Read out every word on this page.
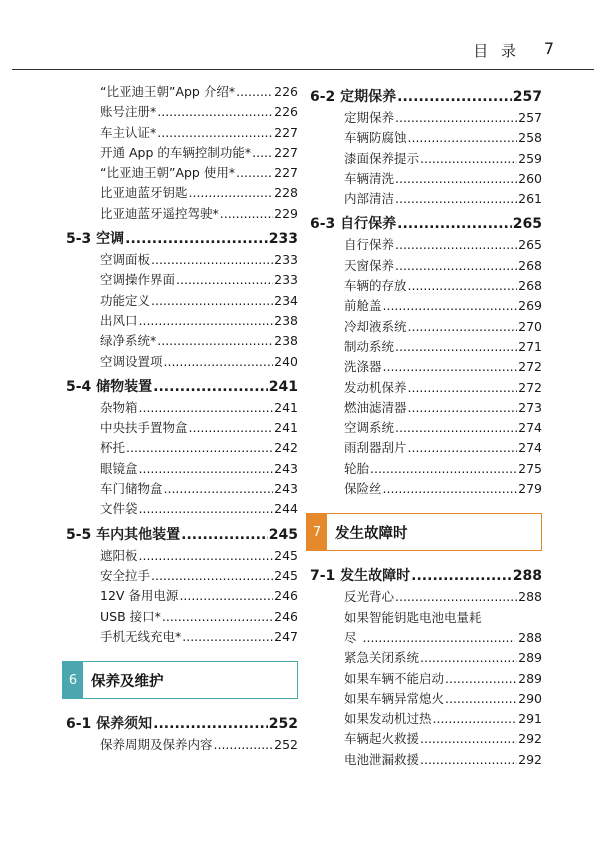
目 录 7
“比亚迪王朝”App 介绍* .....	226
账号注册* .....	226
车主认证* .....	227
开通 App 的车辆控制功能* ..... 227
“比亚迪王朝”App 使用* .....	227
比亚迪蓝牙钥匙 .....	228
比亚迪蓝牙遥控驾驶* .....	229
5-3 空调 .....	233
空调面板 .....	233
空调操作界面 .....	233
功能定义 .....	234
出风口 .....	238
绿净系统* .....	238
空调设置项 .....	240
5-4 储物装置 .....	241
杂物箱 .....	241
中央扶手置物盒 .....	241
杯托 .....	242
眼镜盒 .....	243
车门储物盒 .....	243
文件袋 .....	244
5-5 车内其他装置 .....	245
遮阳板 .....	245
安全拉手 .....	245
12V 备用电源 .....	246
USB 接口* .....	246
手机无线充电* .....	247
6 保养及维护
6-1 保养须知 .....	252
保养周期及保养内容 .....	252
6-2 定期保养 .....	257
定期保养 .....	257
车辆防腐蚀 .....	258
漆面保养提示 .....	259
车辆清洗 .....	260
内部清洁 .....	261
6-3 自行保养 .....	265
自行保养 .....	265
天窗保养 .....	268
车辆的存放 .....	268
前舱盖 .....	269
冷却液系统 .....	270
制动系统 .....	271
洗涤器 .....	272
发动机保养 .....	272
燃油滤清器 .....	273
空调系统 .....	274
雨刮器刮片 .....	274
轮胎 .....	275
保险丝 .....	279
7 发生故障时
7-1 发生故障时 .....	288
反光背心 .....	288
如果智能钥匙电池电量耗
尽 .....	288
紧急关闭系统 .....	289
如果车辆不能启动 .....	289
如果车辆异常熄火 .....	290
如果发动机过热 .....	291
车辆起火救援 .....	292
电池泄漏救援 .....	292
